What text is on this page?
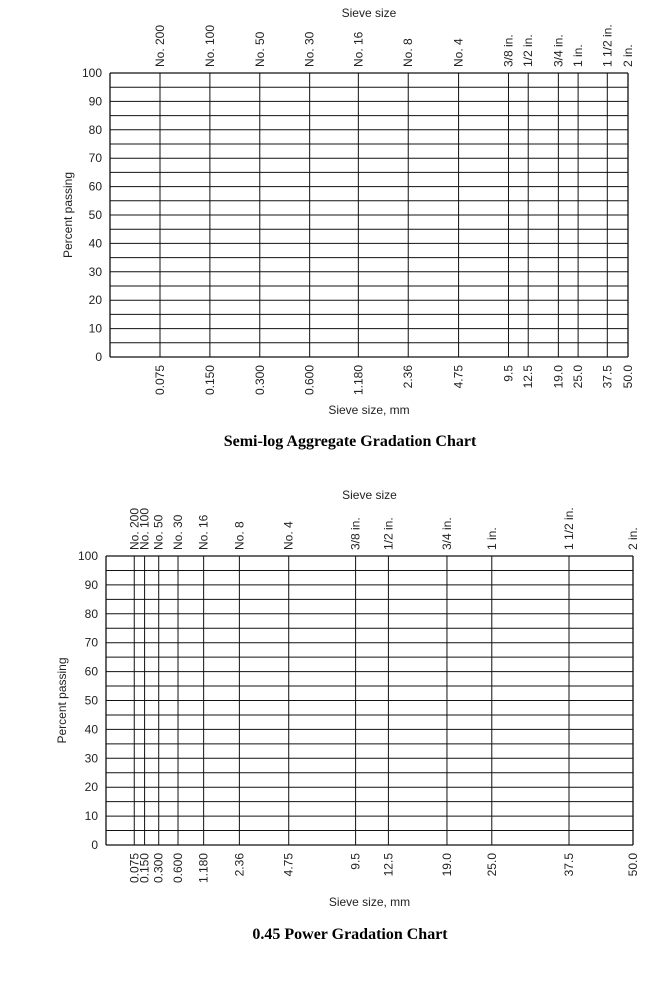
0
10
20
30
40
50
60
70
80
90
100
Percent passing
No. 200
0.075
No. 100
0.150
No. 50
0.300
No. 30
0.600
No. 16
1.180
No. 8
2.36
No. 4
4.75
3/8 in.
9.5
1/2 in.
12.5
3/4 in.
19.0
1 in.
25.0
1 1/2 in.
37.5
2 in.
50.0
Sieve size
Sieve size, mm
Semi-log Aggregate Gradation Chart
0
10
20
30
40
50
60
70
80
90
100
Percent passing
No. 200
0.075
No. 100
0.150
No. 50
0.300
No. 30
0.600
No. 16
1.180
No. 8
2.36
No. 4
4.75
3/8 in.
9.5
1/2 in.
12.5
3/4 in.
19.0
1 in.
25.0
1 1/2 in.
37.5
2 in.
50.0
Sieve size
Sieve size, mm
0.45 Power Gradation Chart
